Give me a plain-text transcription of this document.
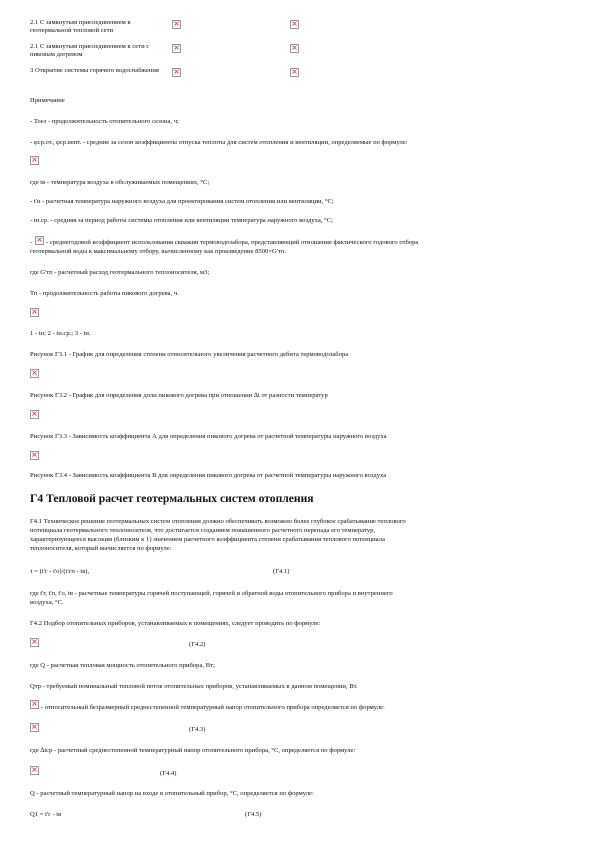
2.1 С замкнутым присоединением к геотермальной тепловой сети
×
×
2.1 С замкнутым присоединением к сети с пиковым догревом
×
×
3 Открытие системы горячего водоснабжения
×
×
Примечание
- Тоез - продолжительность отопительного сезона, ч;
- φср.от., φср.вент. - средние за сезон коэффициенты отпуска теплоты для систем отопления и вентиляции, определяемые по формуле:
×
где tв - температура воздуха в обслуживаемых помещениях, °С;
- t'н - расчетная температура наружного воздуха для проектирования систем отопления или вентиляции, °С;
- tн.ср. - средняя за период работы системы отопления или вентиляции температура наружного воздуха, °С;
-
× - среднегодовой коэффициент использования скважин термоводозабора, представляющий отношение фактического годового отбора
геотермальной воды к максимальному отбору, вычисленному как произведение 8500×G'тп.
где G'тп - расчетный расход геотермального теплоносителя, м3;
Тп - продолжительность работы пикового догрева, ч.
×
1 - tн; 2 - tн.ср.; 3 - tн.
Рисунок Г3.1 - График для определения степени относительного увеличения расчетного дебита термоводозабора
×
Рисунок Г3.2 - График для определения доли пикового догрева при отношении ∆t от разности температур
×
Рисунок Г3.3 - Зависимость коэффициента А для определения пикового догрева от расчетной температуры наружного воздуха
×
Рисунок Г3.4 - Зависимость коэффициента В для определения пикового догрева от расчетной температуры наружного воздуха
Г4 Тепловой расчет геотермальных систем отопления
Г4.1 Техническое решение геотермальных систем отопления должно обеспечивать возможно более глубокое срабатывание теплового
потенциала геотермального теплоносителя, что достигается созданием повышенного расчетного перепада его температур,
характеризующееся высоким (близким к 1) значением расчетного коэффициента степени срабатывания теплового потенциала
теплоносителя, который вычисляется по формуле:
τ = (t'г - t'о)/(t'гп - tв),	(Г4.1)
где t'г, t'п, t'о, tв - расчетные температуры горячей поступающей, горячей и обратной воды отопительного прибора и внутреннего
воздуха, °С.
Г4.2 Подбор отопительных приборов, устанавливаемых в помещениях, следует проводить по формуле:
×
(Г4.2)
где Q - расчетная тепловая мощность отопительного прибора, Вт;
Qтр - требуемый номинальный тепловой поток отопительных приборов, устанавливаемых в данном помещении, Вт.
×
- относительный безразмерный среднестепенной температурный напор отопительного прибора определяется по формуле:
×
(Г4.3)
где ∆tcp - расчетный среднестепенной температурный напор отопительного прибора, °С, определяется по формуле:
×
(Г4.4)
Q - расчетный температурный напор на входе в отопительный прибор, °С, определяется по формуле:
Q1 = t'г - tв	(Г4.5)
